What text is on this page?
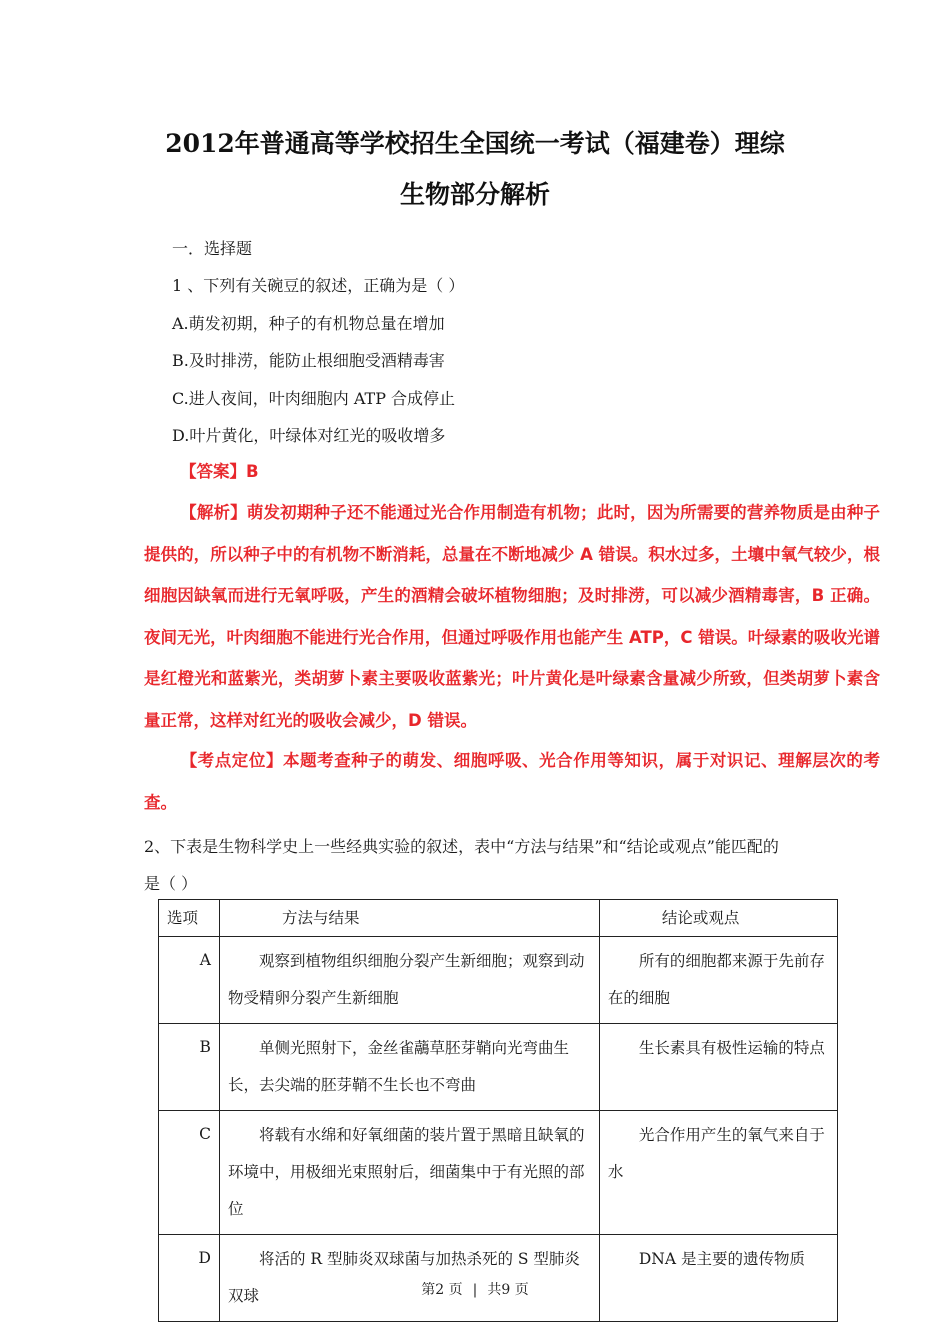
2012年普通高等学校招生全国统一考试（福建卷）理综
生物部分解析
一．选择题
1 、下列有关碗豆的叙述，正确为是（ ）
A.萌发初期，种子的有机物总量在增加
B.及时排涝，能防止根细胞受酒精毒害
C.进人夜间，叶肉细胞内 ATP 合成停止
D.叶片黄化，叶绿体对红光的吸收增多
【答案】B
【解析】萌发初期种子还不能通过光合作用制造有机物；此时，因为所需要的营养物质是由种子提供的，所以种子中的有机物不断消耗，总量在不断地减少 A 错误。积水过多，土壤中氧气较少，根细胞因缺氧而进行无氧呼吸，产生的酒精会破坏植物细胞；及时排涝，可以减少酒精毒害，B 正确。夜间无光，叶肉细胞不能进行光合作用，但通过呼吸作用也能产生 ATP，C 错误。叶绿素的吸收光谱是红橙光和蓝紫光，类胡萝卜素主要吸收蓝紫光；叶片黄化是叶绿素含量减少所致，但类胡萝卜素含量正常，这样对红光的吸收会减少，D 错误。
【考点定位】本题考查种子的萌发、细胞呼吸、光合作用等知识，属于对识记、理解层次的考查。
2、下表是生物科学史上一些经典实验的叙述，表中“方法与结果”和“结论或观点”能匹配的
是（ ）
选项	方法与结果	结论或观点
A	观察到植物组织细胞分裂产生新细胞；观察到动物受精卵分裂产生新细胞	所有的细胞都来源于先前存在的细胞
B	单侧光照射下，金丝雀虉草胚芽鞘向光弯曲生长，去尖端的胚芽鞘不生长也不弯曲	生长素具有极性运输的特点
C	将载有水绵和好氧细菌的装片置于黑暗且缺氧的环境中，用极细光束照射后，细菌集中于有光照的部位	光合作用产生的氧气来自于水
D	将活的 R 型肺炎双球菌与加热杀死的 S 型肺炎双球	DNA 是主要的遗传物质
第2 页 | 共9 页
